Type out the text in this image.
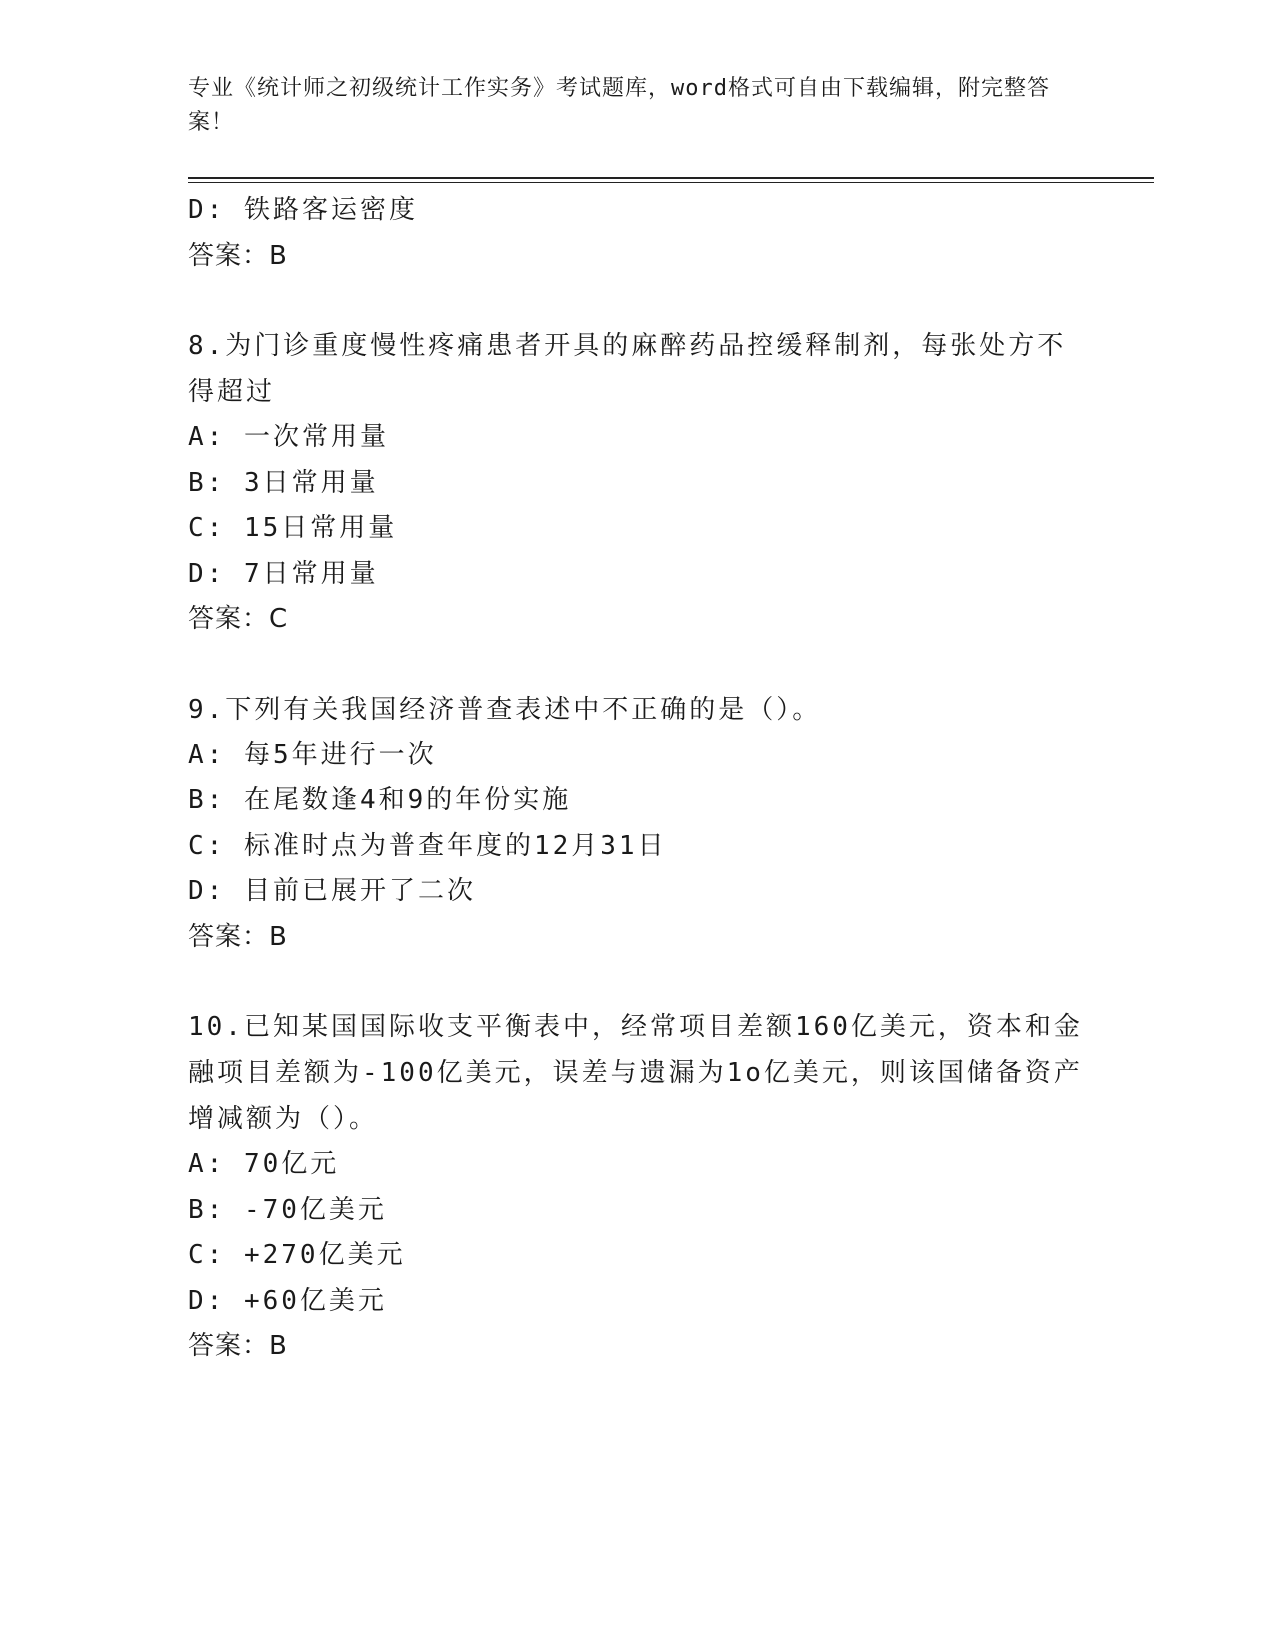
专业《统计师之初级统计工作实务》考试题库，word格式可自由下载编辑，附完整答案！
D: 铁路客运密度
答案：B
8.为门诊重度慢性疼痛患者开具的麻醉药品控缓释制剂，每张处方不得超过
A: 一次常用量
B: 3日常用量
C: 15日常用量
D: 7日常用量
答案：C
9.下列有关我国经济普查表述中不正确的是（）。
A: 每5年进行一次
B: 在尾数逢4和9的年份实施
C: 标准时点为普查年度的12月31日
D: 目前已展开了二次
答案：B
10.已知某国国际收支平衡表中，经常项目差额160亿美元，资本和金融项目差额为-100亿美元，误差与遗漏为1o亿美元，则该国储备资产增减额为（）。
A: 70亿元
B: -70亿美元
C: +270亿美元
D: +60亿美元
答案：B
